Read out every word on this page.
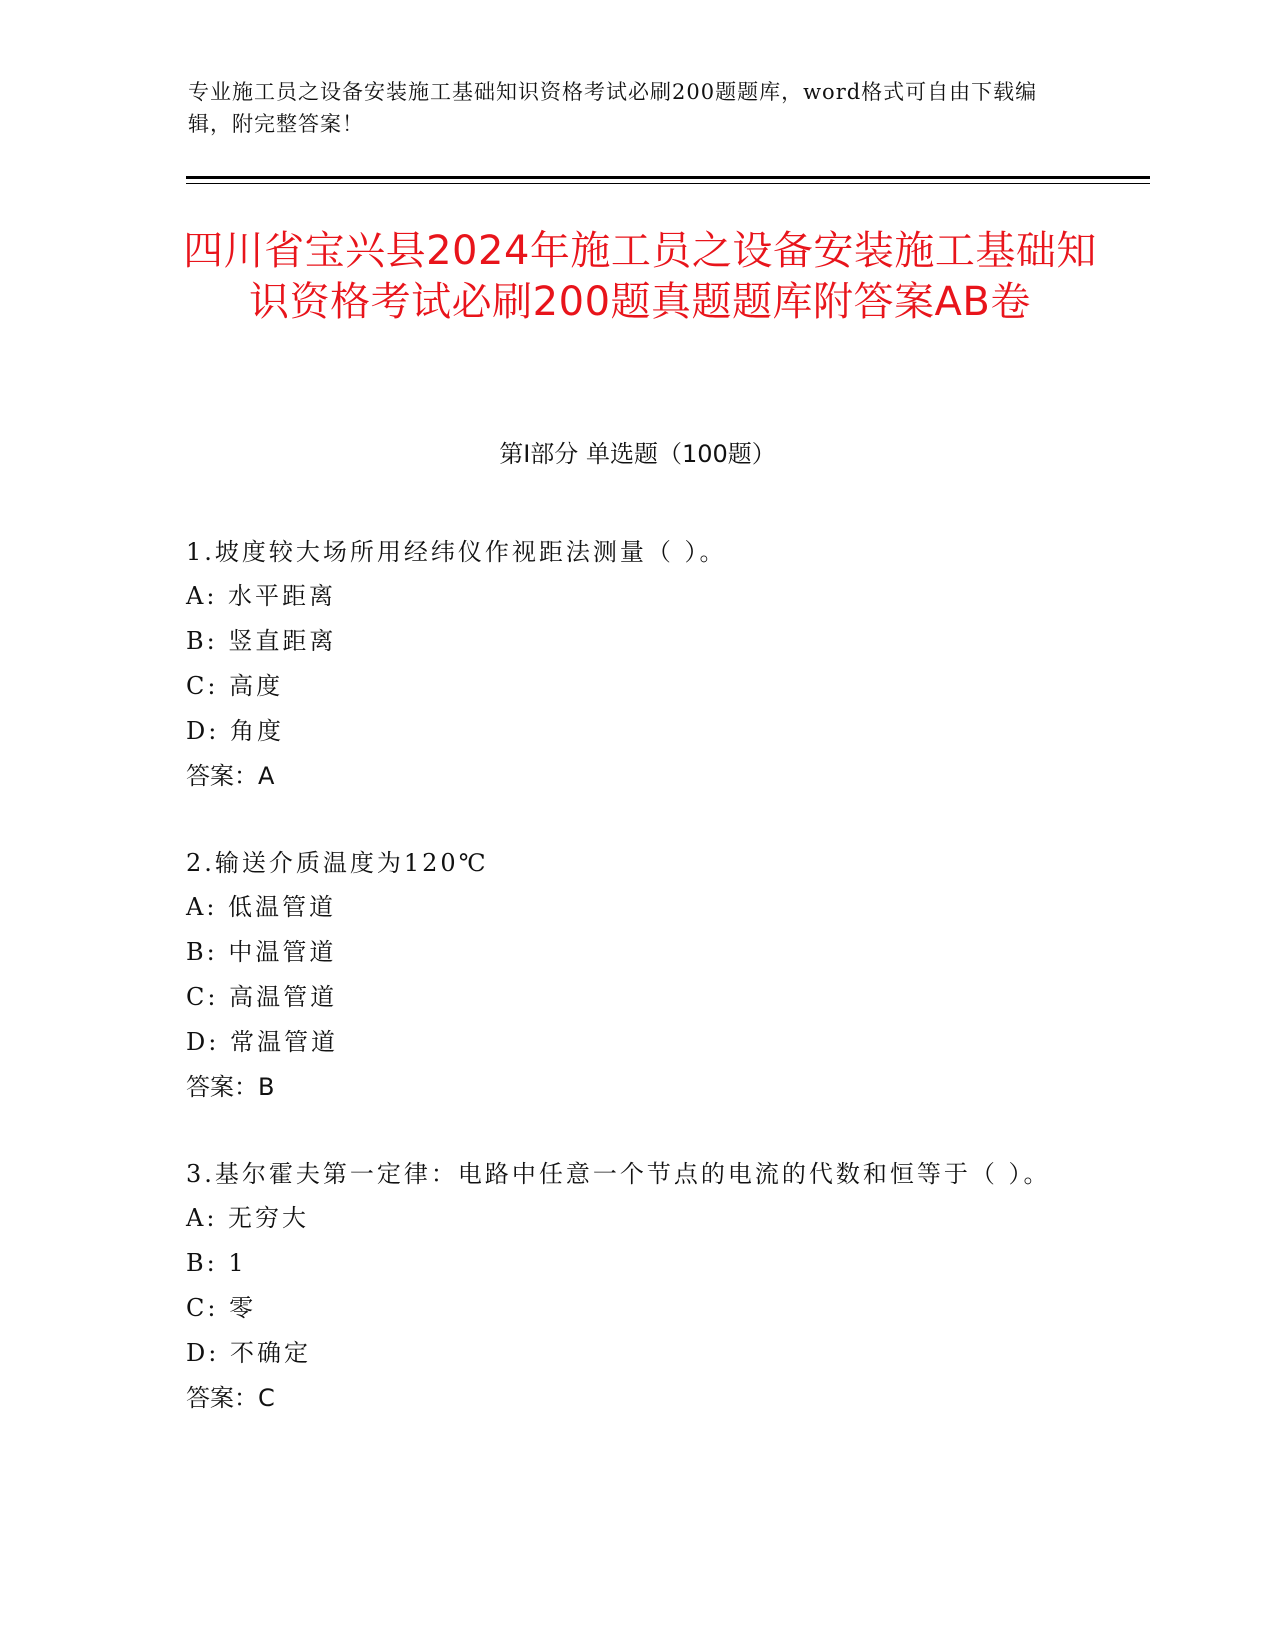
专业施工员之设备安装施工基础知识资格考试必刷200题题库，word格式可自由下载编辑，附完整答案！

四川省宝兴县2024年施工员之设备安装施工基础知识资格考试必刷200题真题题库附答案AB卷
第I部分 单选题（100题）

1.坡度较大场所用经纬仪作视距法测量（ ）。

A: 水平距离

B: 竖直距离

C: 高度

D: 角度

答案：A

2.输送介质温度为120℃

A: 低温管道

B: 中温管道

C: 高温管道

D: 常温管道

答案：B

3.基尔霍夫第一定律：电路中任意一个节点的电流的代数和恒等于（ ）。

A: 无穷大

B: 1

C: 零

D: 不确定

答案：C
